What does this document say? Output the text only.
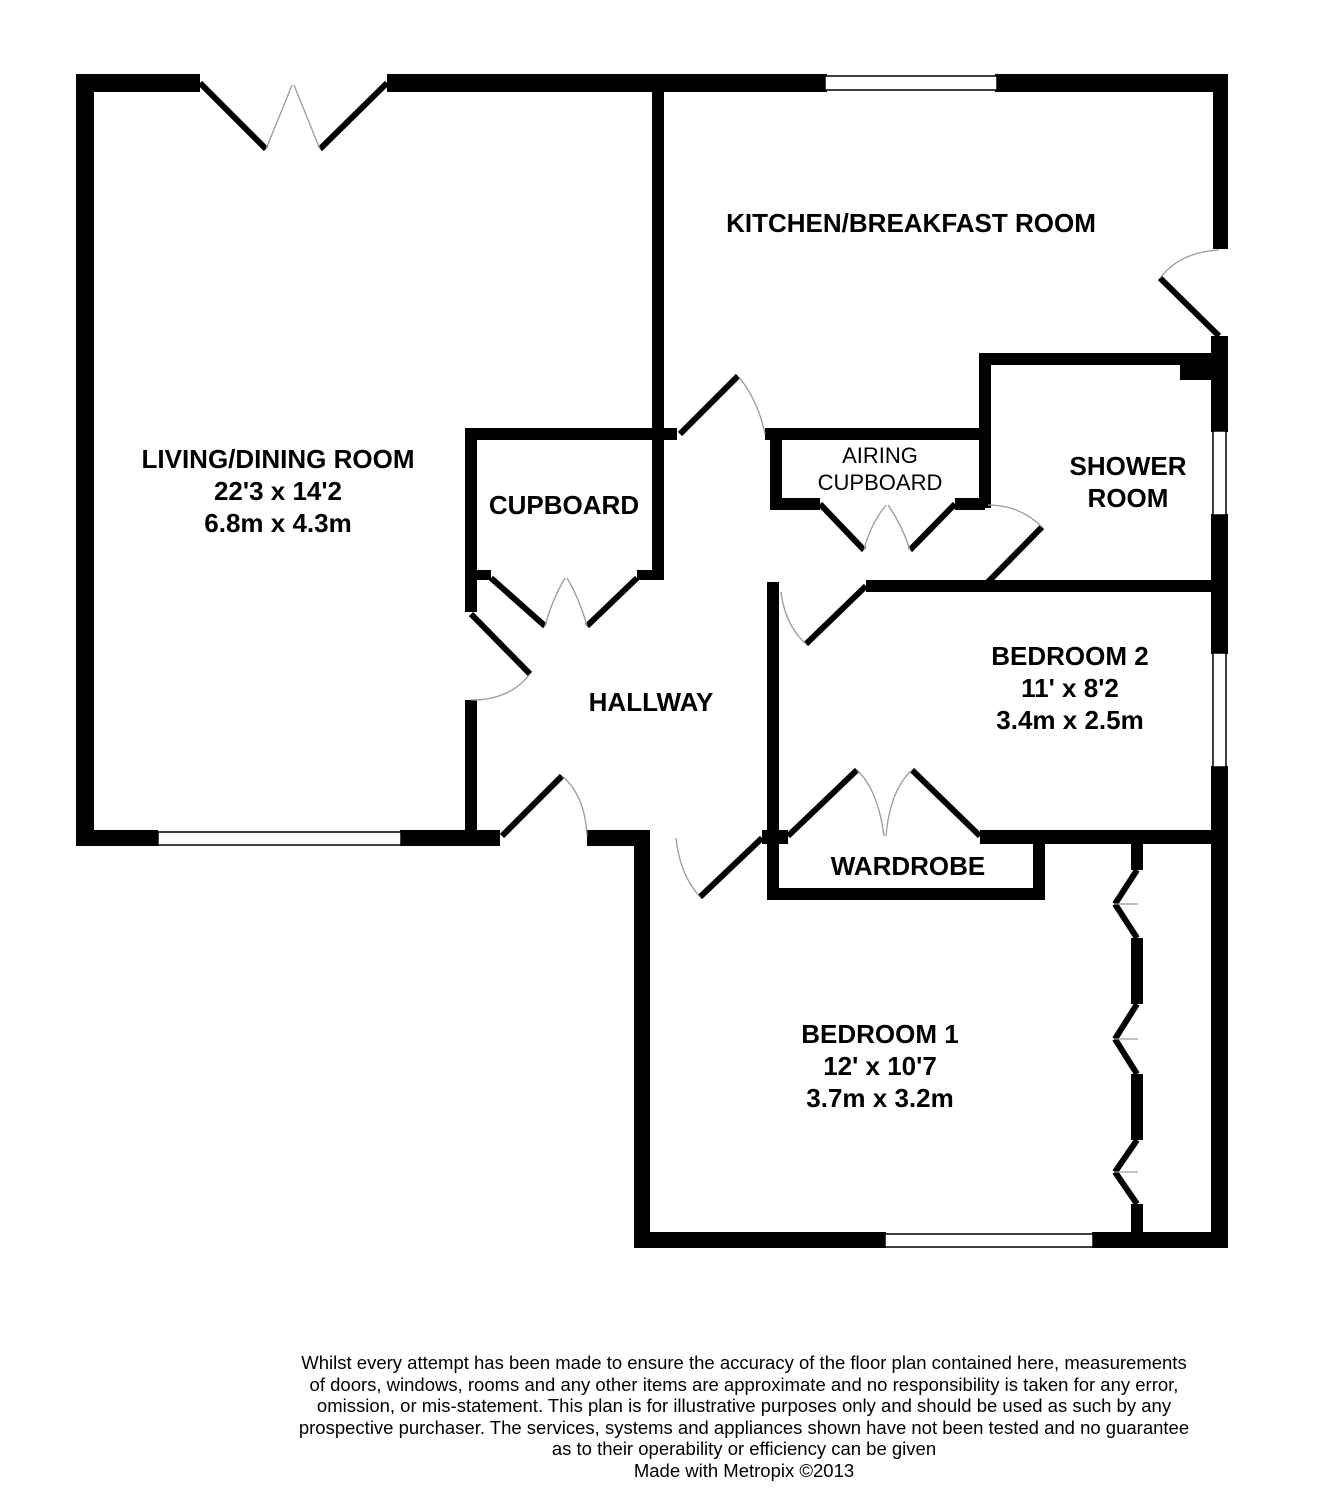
LIVING/DINING ROOM
22'3 x 14'2
6.8m x 4.3m
KITCHEN/BREAKFAST ROOM
CUPBOARD
AIRING
CUPBOARD
SHOWER
ROOM
HALLWAY
BEDROOM 2
11' x 8'2
3.4m x 2.5m
WARDROBE
BEDROOM 1
12' x 10'7
3.7m x 3.2m

Whilst every attempt has been made to ensure the accuracy of the floor plan contained here, measurements
of doors, windows, rooms and any other items are approximate and no responsibility is taken for any error,
omission, or mis-statement. This plan is for illustrative purposes only and should be used as such by any
prospective purchaser. The services, systems and appliances shown have not been tested and no guarantee
as to their operability or efficiency can be given
Made with Metropix ©2013
